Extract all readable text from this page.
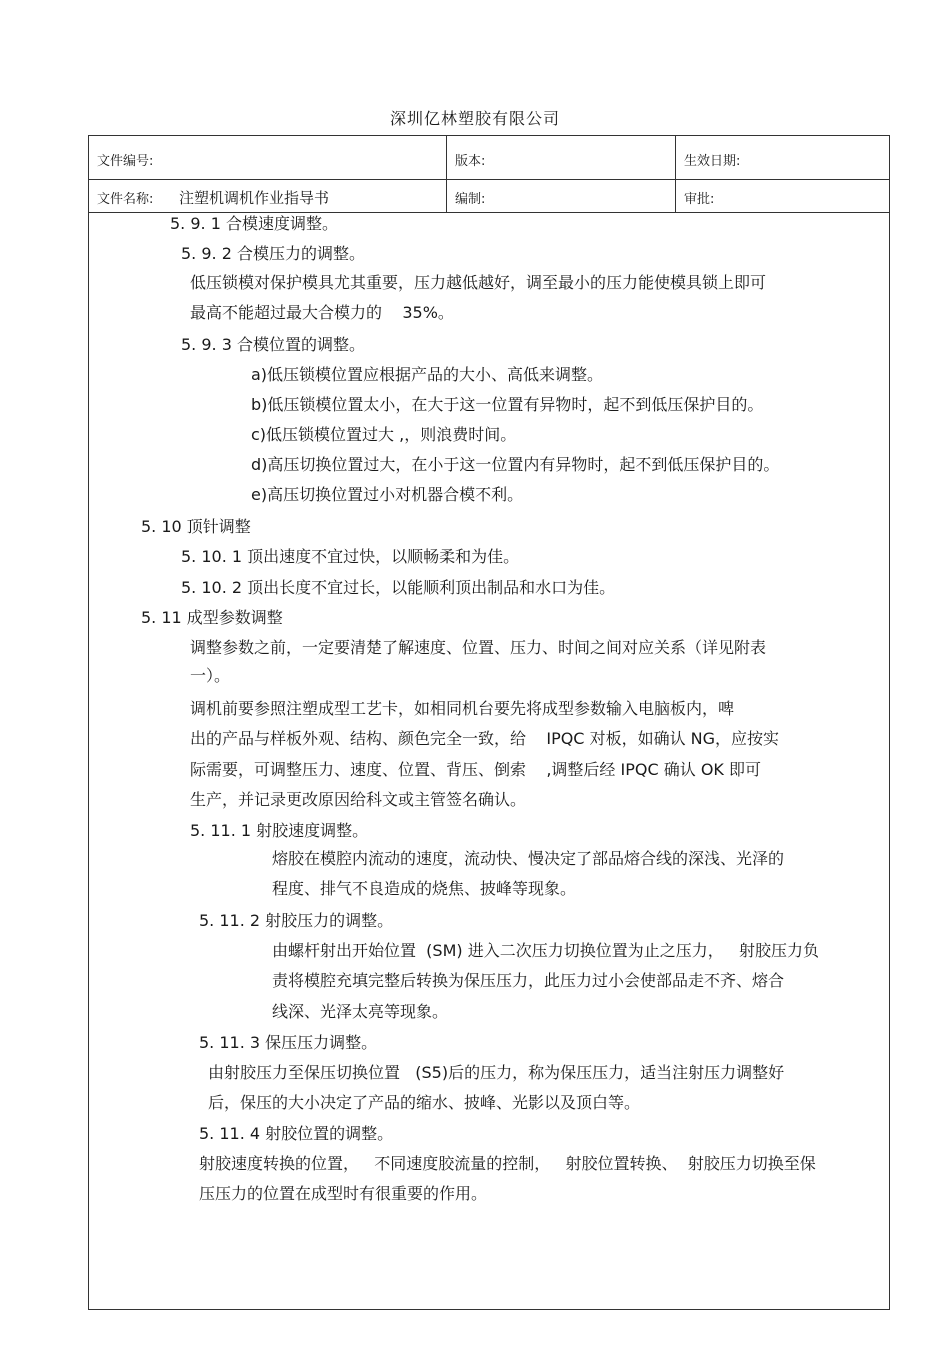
深圳亿林塑胶有限公司
文件编号:	版本:	生效日期:
文件名称: 注塑机调机作业指导书	编制:	审批:
5. 9. 1 合模速度调整。
5. 9. 2 合模压力的调整。
低压锁模对保护模具尤其重要，压力越低越好，调至最小的压力能使模具锁上即可
最高不能超过最大合模力的    35%。
5. 9. 3 合模位置的调整。
a)低压锁模位置应根据产品的大小、高低来调整。
b)低压锁模位置太小，在大于这一位置有异物时，起不到低压保护目的。
c)低压锁模位置过大 ,，则浪费时间。
d)高压切换位置过大，在小于这一位置内有异物时，起不到低压保护目的。
e)高压切换位置过小对机器合模不利。
5. 10 顶针调整
5. 10. 1 顶出速度不宜过快，以顺畅柔和为佳。
5. 10. 2 顶出长度不宜过长，以能顺利顶出制品和水口为佳。
5. 11 成型参数调整
调整参数之前，一定要清楚了解速度、位置、压力、时间之间对应关系（详见附表
一）。
调机前要参照注塑成型工艺卡，如相同机台要先将成型参数输入电脑板内，啤
出的产品与样板外观、结构、颜色完全一致，给    IPQC 对板，如确认 NG，应按实
际需要，可调整压力、速度、位置、背压、倒索    ,调整后经 IPQC 确认 OK 即可
生产，并记录更改原因给科文或主管签名确认。
5. 11. 1 射胶速度调整。
熔胶在模腔内流动的速度，流动快、慢决定了部品熔合线的深浅、光泽的
程度、排气不良造成的烧焦、披峰等现象。
5. 11. 2 射胶压力的调整。
由螺杆射出开始位置  (SM) 进入二次压力切换位置为止之压力，   射胶压力负
责将模腔充填完整后转换为保压压力，此压力过小会使部品走不齐、熔合
线深、光泽太亮等现象。
5. 11. 3 保压压力调整。
由射胶压力至保压切换位置   (S5)后的压力，称为保压压力，适当注射压力调整好
后，保压的大小决定了产品的缩水、披峰、光影以及顶白等。
5. 11. 4 射胶位置的调整。
射胶速度转换的位置，   不同速度胶流量的控制，   射胶位置转换、  射胶压力切换至保
压压力的位置在成型时有很重要的作用。
